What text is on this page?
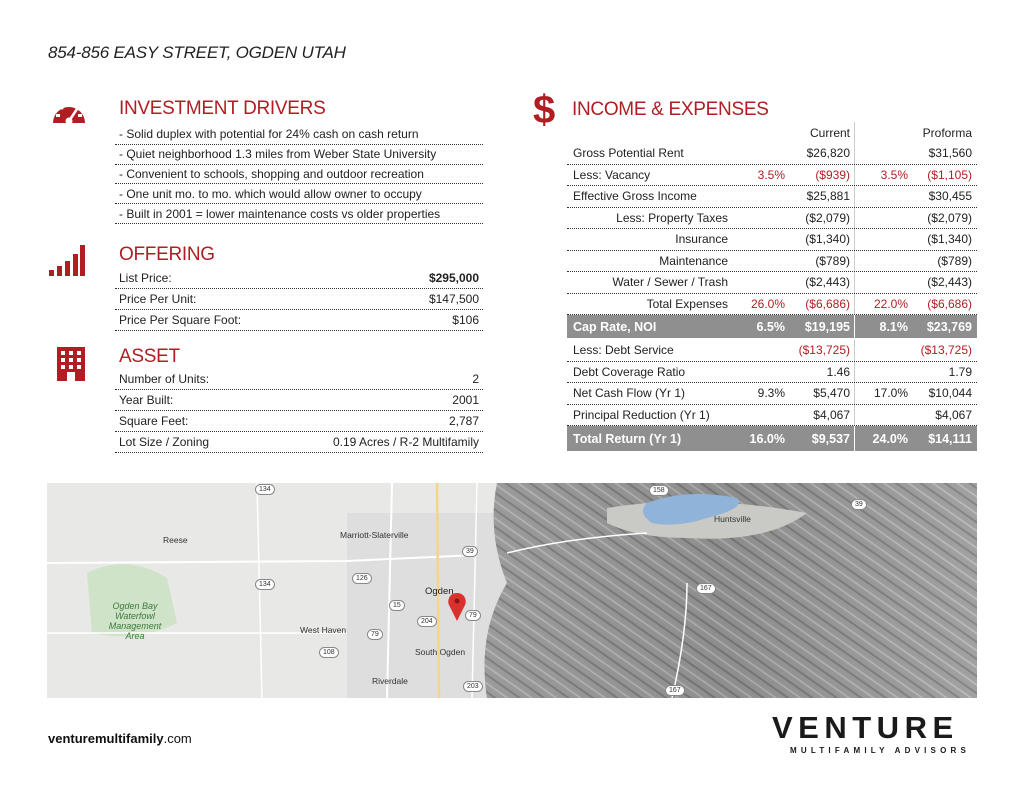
854-856 EASY STREET, OGDEN UTAH
INVESTMENT DRIVERS
- Solid duplex with potential for 24% cash on cash return
- Quiet neighborhood 1.3 miles from Weber State University
- Convenient to schools, shopping and outdoor recreation
- One unit mo. to mo. which would allow owner to occupy
- Built in 2001 = lower maintenance costs vs older properties
OFFERING
List Price:	$295,000
Price Per Unit:	$147,500
Price Per Square Foot:	$106
ASSET
Number of Units:	2
Year Built:	2001
Square Feet:	2,787
Lot Size / Zoning	0.19 Acres / R-2 Multifamily
$ INCOME & EXPENSES
Current	Proforma
Gross Potential Rent	$26,820	$31,560
Less: Vacancy	3.5%	($939)	3.5%	($1,105)
Effective Gross Income	$25,881	$30,455
Less: Property Taxes	($2,079)	($2,079)
Insurance	($1,340)	($1,340)
Maintenance	($789)	($789)
Water / Sewer / Trash	($2,443)	($2,443)
Total Expenses	26.0%	($6,686)	22.0%	($6,686)
Cap Rate, NOI	6.5%	$19,195	8.1%	$23,769
Less: Debt Service	($13,725)	($13,725)
Debt Coverage Ratio	1.46	1.79
Net Cash Flow (Yr 1)	9.3%	$5,470	17.0%	$10,044
Principal Reduction (Yr 1)	$4,067	$4,067
Total Return (Yr 1)	16.0%	$9,537	24.0%	$14,111
Reese	Marriott-Slaterville
Ogden
West Haven
South Ogden
Riverdale
Huntsville
Ogden Bay Waterfowl Management Area
134
39
158
126
134
15
79
204
79
108
203
167
39
167
venturemultifamily.com	VENTURE
MULTIFAMILY ADVISORS
